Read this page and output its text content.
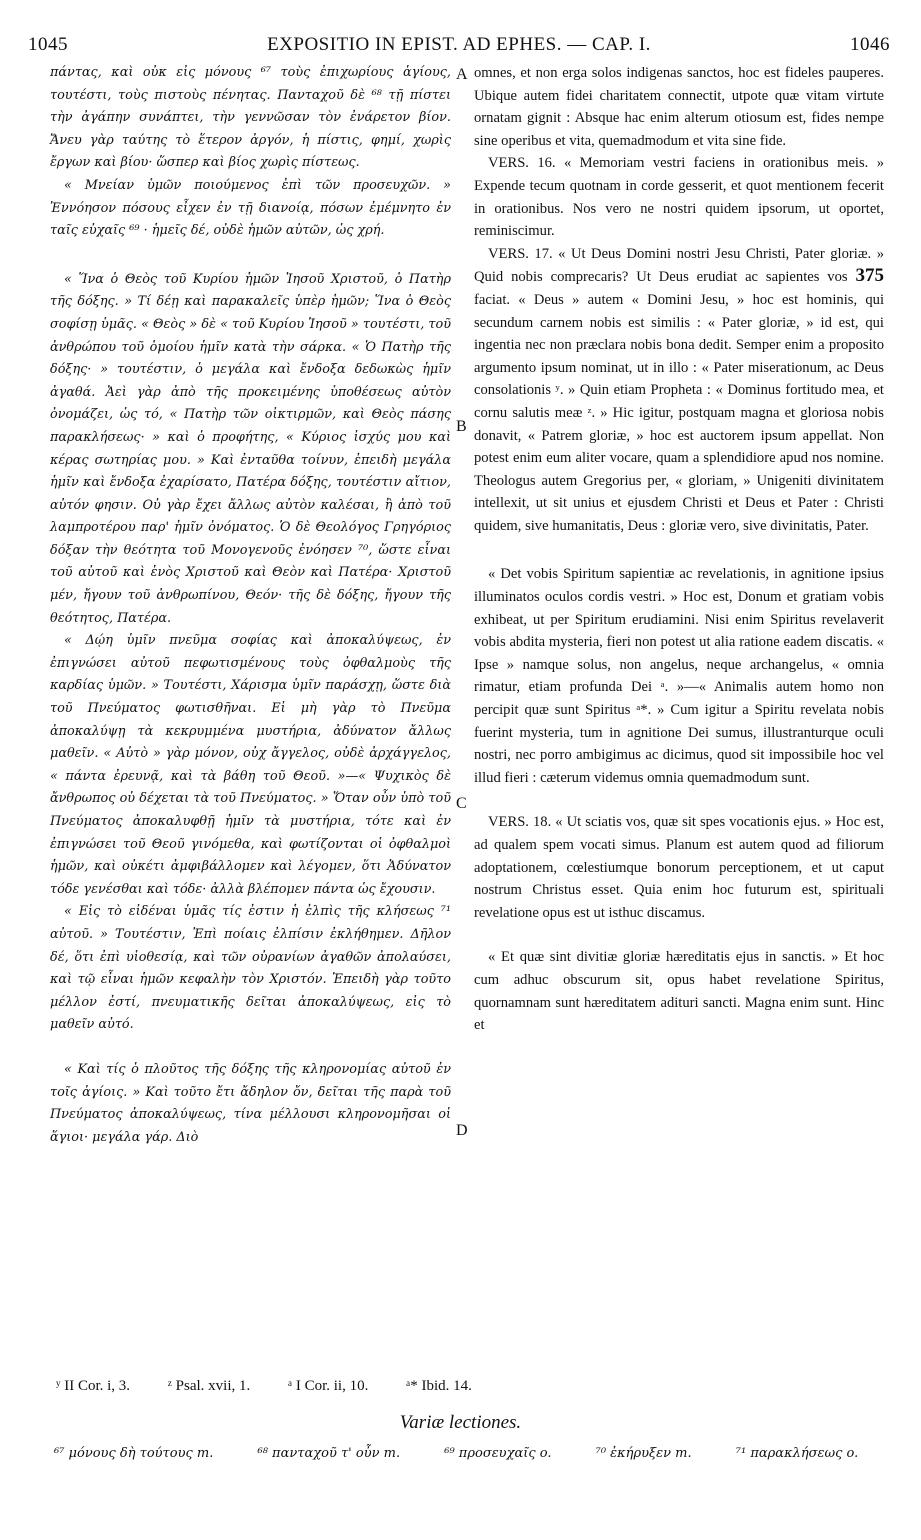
1045	EXPOSITIO IN EPIST. AD EPHES. — CAP. I.	1046
A
B
C
D

πάντας, καὶ οὐκ εἰς μόνους ⁶⁷ τοὺς ἐπιχωρίους ἁγίους, τουτέστι, τοὺς πιστοὺς πένητας. Πανταχοῦ δὲ ⁶⁸ τῇ πίστει τὴν ἀγάπην συνάπτει, τὴν γεννῶσαν τὸν ἐνάρετον βίον. Ἄνευ γὰρ ταύτης τὸ ἕτερον ἀργόν, ἡ πίστις, φημί, χωρὶς ἔργων καὶ βίου· ὥσπερ καὶ βίος χωρὶς πίστεως.

« Μνείαν ὑμῶν ποιούμενος ἐπὶ τῶν προσευχῶν. » Ἐννόησον πόσους εἶχεν ἐν τῇ διανοίᾳ, πόσων ἐμέμνητο ἐν ταῖς εὐχαῖς ⁶⁹ · ἡμεῖς δέ, οὐδὲ ἡμῶν αὐτῶν, ὡς χρή.

« Ἵνα ὁ Θεὸς τοῦ Κυρίου ἡμῶν Ἰησοῦ Χριστοῦ, ὁ Πατὴρ τῆς δόξης. » Τί δέῃ καὶ παρακαλεῖς ὑπὲρ ἡμῶν; Ἵνα ὁ Θεὸς σοφίσῃ ὑμᾶς. « Θεὸς » δὲ « τοῦ Κυρίου Ἰησοῦ » τουτέστι, τοῦ ἀνθρώπου τοῦ ὁμοίου ἡμῖν κατὰ τὴν σάρκα. « Ὁ Πατὴρ τῆς δόξης· » τουτέστιν, ὁ μεγάλα καὶ ἔνδοξα δεδωκὼς ἡμῖν ἀγαθά. Ἀεὶ γὰρ ἀπὸ τῆς προκειμένης ὑποθέσεως αὐτὸν ὀνομάζει, ὡς τό, « Πατὴρ τῶν οἰκτιρμῶν, καὶ Θεὸς πάσης παρακλήσεως· » καὶ ὁ προφήτης, « Κύριος ἰσχύς μου καὶ κέρας σωτηρίας μου. » Καὶ ἐνταῦθα τοίνυν, ἐπειδὴ μεγάλα ἡμῖν καὶ ἔνδοξα ἐχαρίσατο, Πατέρα δόξης, τουτέστιν αἴτιον, αὐτόν φησιν. Οὐ γὰρ ἔχει ἄλλως αὐτὸν καλέσαι, ἢ ἀπὸ τοῦ λαμπροτέρου παρ' ἡμῖν ὀνόματος. Ὁ δὲ Θεολόγος Γρηγόριος δόξαν τὴν θεότητα τοῦ Μονογενοῦς ἐνόησεν ⁷⁰, ὥστε εἶναι τοῦ αὐτοῦ καὶ ἑνὸς Χριστοῦ καὶ Θεὸν καὶ Πατέρα· Χριστοῦ μέν, ἤγουν τοῦ ἀνθρωπίνου, Θεόν· τῆς δὲ δόξης, ἤγουν τῆς θεότητος, Πατέρα.

« Δῴη ὑμῖν πνεῦμα σοφίας καὶ ἀποκαλύψεως, ἐν ἐπιγνώσει αὐτοῦ πεφωτισμένους τοὺς ὀφθαλμοὺς τῆς καρδίας ὑμῶν. » Τουτέστι, Χάρισμα ὑμῖν παράσχῃ, ὥστε διὰ τοῦ Πνεύματος φωτισθῆναι. Εἰ μὴ γὰρ τὸ Πνεῦμα ἀποκαλύψῃ τὰ κεκρυμμένα μυστήρια, ἀδύνατον ἄλλως μαθεῖν. « Αὐτὸ » γὰρ μόνον, οὐχ ἄγγελος, οὐδὲ ἀρχάγγελος, « πάντα ἐρευνᾷ, καὶ τὰ βάθη τοῦ Θεοῦ. »—« Ψυχικὸς δὲ ἄνθρωπος οὐ δέχεται τὰ τοῦ Πνεύματος. » Ὅταν οὖν ὑπὸ τοῦ Πνεύματος ἀποκαλυφθῇ ἡμῖν τὰ μυστήρια, τότε καὶ ἐν ἐπιγνώσει τοῦ Θεοῦ γινόμεθα, καὶ φωτίζονται οἱ ὀφθαλμοὶ ἡμῶν, καὶ οὐκέτι ἀμφιβάλλομεν καὶ λέγομεν, ὅτι Ἀδύνατον τόδε γενέσθαι καὶ τόδε· ἀλλὰ βλέπομεν πάντα ὡς ἔχουσιν.

« Εἰς τὸ εἰδέναι ὑμᾶς τίς ἐστιν ἡ ἐλπὶς τῆς κλήσεως ⁷¹ αὐτοῦ. » Τουτέστιν, Ἐπὶ ποίαις ἐλπίσιν ἐκλήθημεν. Δῆλον δέ, ὅτι ἐπὶ υἱοθεσίᾳ, καὶ τῶν οὐρανίων ἀγαθῶν ἀπολαύσει, καὶ τῷ εἶναι ἡμῶν κεφαλὴν τὸν Χριστόν. Ἐπειδὴ γὰρ τοῦτο μέλλον ἐστί, πνευματικῆς δεῖται ἀποκαλύψεως, εἰς τὸ μαθεῖν αὐτό.

« Καὶ τίς ὁ πλοῦτος τῆς δόξης τῆς κληρονομίας αὐτοῦ ἐν τοῖς ἁγίοις. » Καὶ τοῦτο ἔτι ἄδηλον ὄν, δεῖται τῆς παρὰ τοῦ Πνεύματος ἀποκαλύψεως, τίνα μέλλουσι κληρονομῆσαι οἱ ἅγιοι· μεγάλα γάρ. Διὸ

omnes, et non erga solos indigenas sanctos, hoc est fideles pauperes. Ubique autem fidei charitatem connectit, utpote quæ vitam virtute ornatam gignit : Absque hac enim alterum otiosum est, fides nempe sine operibus et vita, quemadmodum et vita sine fide.

VERS. 16. « Memoriam vestri faciens in orationibus meis. » Expende tecum quotnam in corde gesserit, et quot mentionem fecerit in orationibus. Nos vero ne nostri quidem ipsorum, ut oportet, reminiscimur.

VERS. 17. « Ut Deus Domini nostri Jesu Christi, Pater gloriæ. » Quid nobis comprecaris? Ut Deus erudiat ac sapientes vos 375 faciat. « Deus » autem « Domini Jesu, » hoc est hominis, qui secundum carnem nobis est similis : « Pater gloriæ, » id est, qui ingentia nec non præclara nobis bona dedit. Semper enim a proposito argumento ipsum nominat, ut in illo : « Pater miserationum, ac Deus consolationis ʸ. » Quin etiam Propheta : « Dominus fortitudo mea, et cornu salutis meæ ᶻ. » Hic igitur, postquam magna et gloriosa nobis donavit, « Patrem gloriæ, » hoc est auctorem ipsum appellat. Non potest enim eum aliter vocare, quam a splendidiore apud nos nomine. Theologus autem Gregorius per, « gloriam, » Unigeniti divinitatem intellexit, ut sit unius et ejusdem Christi et Deus et Pater : Christi quidem, sive humanitatis, Deus : gloriæ vero, sive divinitatis, Pater.

« Det vobis Spiritum sapientiæ ac revelationis, in agnitione ipsius illuminatos oculos cordis vestri. » Hoc est, Donum et gratiam vobis exhibeat, ut per Spiritum erudiamini. Nisi enim Spiritus revelaverit vobis abdita mysteria, fieri non potest ut alia ratione eadem discatis. « Ipse » namque solus, non angelus, neque archangelus, « omnia rimatur, etiam profunda Dei ᵃ. »—« Animalis autem homo non percipit quæ sunt Spiritus ᵃ*. » Cum igitur a Spiritu revelata nobis fuerint mysteria, tum in agnitione Dei sumus, illustranturque oculi nostri, nec porro ambigimus ac dicimus, quod sit impossibile hoc vel illud fieri : cæterum videmus omnia quemadmodum sunt.

VERS. 18. « Ut sciatis vos, quæ sit spes vocationis ejus. » Hoc est, ad qualem spem vocati simus. Planum est autem quod ad filiorum adoptationem, cœlestiumque bonorum perceptionem, et ut caput nostrum Christus esset. Quia enim hoc futurum est, spirituali revelatione opus est ut isthuc discamus.

« Et quæ sint divitiæ gloriæ hæreditatis ejus in sanctis. » Et hoc cum adhuc obscurum sit, opus habet revelatione Spiritus, quornamnam sunt hæreditatem adituri sancti. Magna enim sunt. Hinc et

ʸ II Cor. i, 3.	ᶻ Psal. xvii, 1.	ᵃ I Cor. ii, 10.	ᵃ* Ibid. 14.
Variæ lectiones.
⁶⁷ μόνους δὴ τούτους m.	⁶⁸ πανταχοῦ τ' οὖν m.	⁶⁹ προσευχαῖς o.	⁷⁰ ἐκήρυξεν m.	⁷¹ παρακλήσεως o.
